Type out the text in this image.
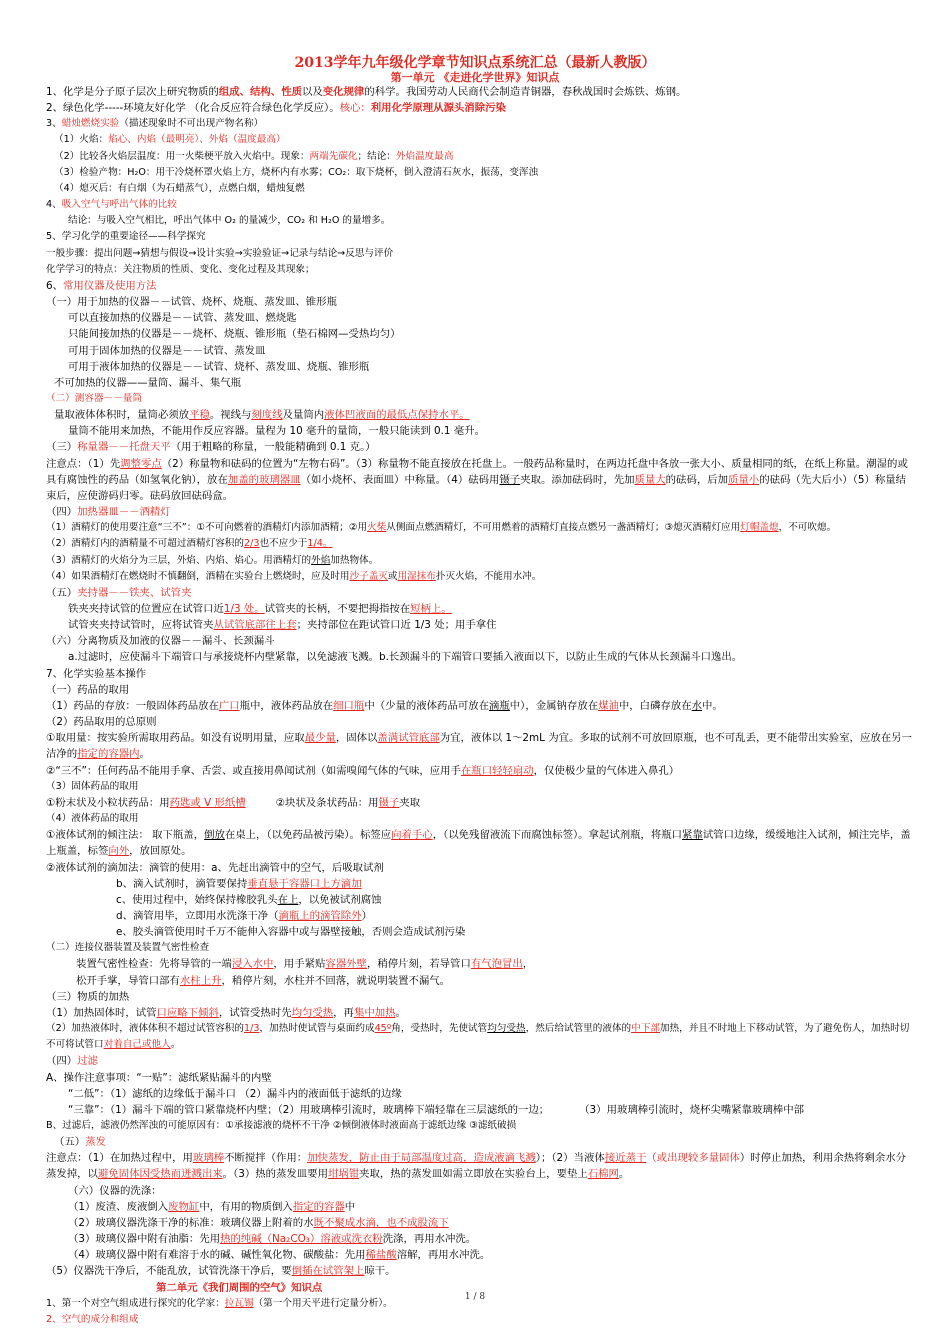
2013学年九年级化学章节知识点系统汇总（最新人教版）
第一单元 《走进化学世界》知识点
1、化学是分子原子层次上研究物质的组成、结构、性质以及变化规律的科学。我国劳动人民商代会制造青铜器，春秋战国时会炼铁、炼钢。
2、绿色化学-----环境友好化学 （化合反应符合绿色化学反应）。核心：利用化学原理从源头消除污染
3、蜡烛燃烧实验（描述现象时不可出现产物名称）
（1）火焰：焰心、内焰（最明亮）、外焰（温度最高）
（2）比较各火焰层温度：用一火柴梗平放入火焰中。现象：两端先碳化；结论：外焰温度最高
（3）检验产物：H₂O：用干冷烧杯罩火焰上方，烧杯内有水雾；CO₂：取下烧杯，倒入澄清石灰水，振荡，变浑浊
（4）熄灭后：有白烟（为石蜡蒸气），点燃白烟，蜡烛复燃
4、吸入空气与呼出气体的比较
结论：与吸入空气相比，呼出气体中 O₂ 的量减少，CO₂ 和 H₂O 的量增多。
5、学习化学的重要途径——科学探究
一般步骤：提出问题→猜想与假设→设计实验→实验验证→记录与结论→反思与评价
化学学习的特点：关注物质的性质、变化、变化过程及其现象；
6、常用仪器及使用方法
（一）用于加热的仪器－－试管、烧杯、烧瓶、蒸发皿、锥形瓶
可以直接加热的仪器是－－试管、蒸发皿、燃烧匙
只能间接加热的仪器是－－烧杯、烧瓶、锥形瓶（垫石棉网—受热均匀）
可用于固体加热的仪器是－－试管、蒸发皿
可用于液体加热的仪器是－－试管、烧杯、蒸发皿、烧瓶、锥形瓶
不可加热的仪器——量筒、漏斗、集气瓶
（二）测容器－－量筒
量取液体体积时，量筒必须放平稳。视线与刻度线及量筒内液体凹液面的最低点保持水平。
量筒不能用来加热，不能用作反应容器。量程为 10 毫升的量筒，一般只能读到 0.1 毫升。
（三）称量器－－托盘天平（用于粗略的称量，一般能精确到 0.1 克。）
注意点：（1）先调整零点（2）称量物和砝码的位置为“左物右码”。（3）称量物不能直接放在托盘上。一般药品称量时，在两边托盘中各放一张大小、质量相同的纸，在纸上称量。潮湿的或具有腐蚀性的药品（如氢氧化钠），放在加盖的玻璃器皿（如小烧杯、表面皿）中称量。（4）砝码用镊子夹取。添加砝码时，先加质量大的砝码，后加质量小的砝码（先大后小）（5）称量结束后，应使游码归零。砝码放回砝码盒。
（四）加热器皿－－酒精灯
（1）酒精灯的使用要注意“三不”：①不可向燃着的酒精灯内添加酒精；②用火柴从侧面点燃酒精灯，不可用燃着的酒精灯直接点燃另一盏酒精灯；③熄灭酒精灯应用灯帽盖熄，不可吹熄。
（2）酒精灯内的酒精量不可超过酒精灯容积的2/3也不应少于1/4。
（3）酒精灯的火焰分为三层，外焰、内焰、焰心。用酒精灯的外焰加热物体。
（4）如果酒精灯在燃烧时不慎翻倒，酒精在实验台上燃烧时，应及时用沙子盖灭或用湿抹布扑灭火焰，不能用水冲。
（五）夹持器－－铁夹、试管夹
铁夹夹持试管的位置应在试管口近1/3 处。试管夹的长柄，不要把拇指按在短柄上。
试管夹夹持试管时，应将试管夹从试管底部往上套；夹持部位在距试管口近 1/3 处；用手拿住
（六）分离物质及加液的仪器－－漏斗、长颈漏斗
a.过滤时，应使漏斗下端管口与承接烧杯内壁紧靠，以免滤液飞溅。b.长颈漏斗的下端管口要插入液面以下，以防止生成的气体从长颈漏斗口逸出。
7、化学实验基本操作
（一）药品的取用
（1）药品的存放：一般固体药品放在广口瓶中，液体药品放在细口瓶中（少量的液体药品可放在滴瓶中），金属钠存放在煤油中，白磷存放在水中。
（2）药品取用的总原则
①取用量：按实验所需取用药品。如没有说明用量，应取最少量，固体以盖满试管底部为宜，液体以 1～2mL 为宜。多取的试剂不可放回原瓶，也不可乱丢，更不能带出实验室，应放在另一洁净的指定的容器内。
②“三不”：任何药品不能用手拿、舌尝、或直接用鼻闻试剂（如需嗅闻气体的气味，应用手在瓶口轻轻扇动，仅使极少量的气体进入鼻孔）
（3）固体药品的取用
①粉末状及小粒状药品：用药匙或 V 形纸槽	②块状及条状药品：用镊子夹取
（4）液体药品的取用
①液体试剂的倾注法： 取下瓶盖，倒放在桌上，（以免药品被污染）。标签应向着手心，（以免残留液流下而腐蚀标签）。拿起试剂瓶，将瓶口紧靠试管口边缘，缓缓地注入试剂，倾注完毕，盖上瓶盖，标签向外，放回原处。
②液体试剂的滴加法：滴管的使用：a、先赶出滴管中的空气，后吸取试剂
b、滴入试剂时，滴管要保持垂直悬于容器口上方滴加
c、使用过程中，始终保持橡胶乳头在上，以免被试剂腐蚀
d、滴管用毕，立即用水洗涤干净（滴瓶上的滴管除外）
e、胶头滴管使用时千万不能伸入容器中或与器壁接触，否则会造成试剂污染
（二）连接仪器装置及装置气密性检查
装置气密性检查：先将导管的一端浸入水中，用手紧贴容器外壁，稍停片刻，若导管口有气泡冒出，松开手掌，导管口部有水柱上升，稍停片刻，水柱并不回落，就说明装置不漏气。
（三）物质的加热
（1）加热固体时，试管口应略下倾斜，试管受热时先均匀受热，再集中加热。
（2）加热液体时，液体体积不超过试管容积的1/3，加热时使试管与桌面约成45º角，受热时，先使试管均匀受热，然后给试管里的液体的中下部加热，并且不时地上下移动试管，为了避免伤人，加热时切不可将试管口对着自己或他人。
（四）过滤
A、操作注意事项：“一贴”：滤纸紧贴漏斗的内壁
“二低”：（1）滤纸的边缘低于漏斗口 （2）漏斗内的液面低于滤纸的边缘
“三靠”：（1）漏斗下端的管口紧靠烧杯内壁；（2）用玻璃棒引流时，玻璃棒下端轻靠在三层滤纸的一边；	（3）用玻璃棒引流时，烧杯尖嘴紧靠玻璃棒中部
B、过滤后，滤液仍然浑浊的可能原因有：①承接滤液的烧杯不干净 ②倾倒液体时液面高于滤纸边缘 ③滤纸破损
（五）蒸发
注意点：（1）在加热过程中，用玻璃棒不断搅拌（作用：加快蒸发，防止由于局部温度过高，造成液滴飞溅）；（2）当液体接近蒸干（或出现较多量固体）时停止加热，利用余热将剩余水分蒸发掉，以避免固体因受热而迸溅出来。（3）热的蒸发皿要用坩埚钳夹取，热的蒸发皿如需立即放在实验台上，要垫上石棉网。
（六）仪器的洗涤：
（1）废渣、废液倒入废物缸中，有用的物质倒入指定的容器中
（2）玻璃仪器洗涤干净的标准：玻璃仪器上附着的水既不聚成水滴，也不成股流下
（3）玻璃仪器中附有油脂：先用热的纯碱（Na₂CO₃）溶液或洗衣粉洗涤，再用水冲洗。
（4）玻璃仪器中附有难溶于水的碱、碱性氧化物、碳酸盐：先用稀盐酸溶解，再用水冲洗。
（5）仪器洗干净后，不能乱放，试管洗涤干净后，要倒插在试管架上晾干。
第二单元《我们周围的空气》知识点
1、第一个对空气组成进行探究的化学家：拉瓦锡（第一个用天平进行定量分析）。
2、空气的成分和组成
1 / 8
